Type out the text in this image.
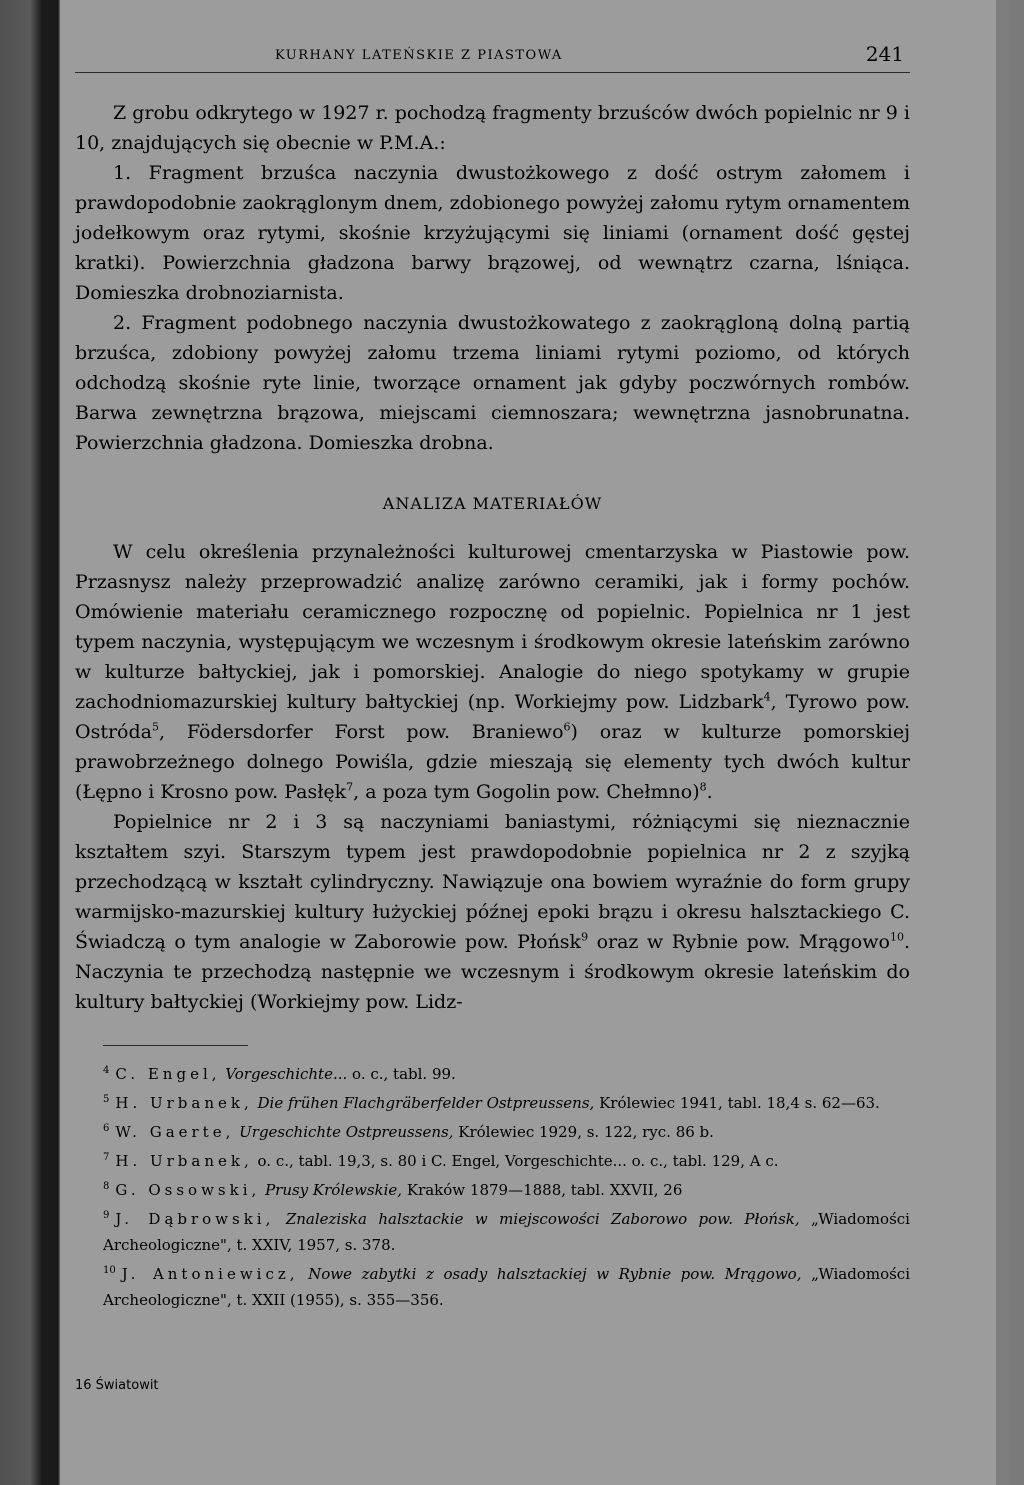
KURHANY LATEŃSKIE Z PIASTOWA	241

Z grobu odkrytego w 1927 r. pochodzą fragmenty brzuśców dwóch popielnic nr 9 i 10, znajdujących się obecnie w P.M.A.:

1. Fragment brzuśca naczynia dwustożkowego z dość ostrym załomem i prawdopodobnie zaokrąglonym dnem, zdobionego powyżej załomu rytym ornamentem jodełkowym oraz rytymi, skośnie krzyżującymi się liniami (ornament dość gęstej kratki). Powierzchnia gładzona barwy brązowej, od wewnątrz czarna, lśniąca. Domieszka drobnoziarnista.

2. Fragment podobnego naczynia dwustożkowatego z zaokrągloną dolną partią brzuśca, zdobiony powyżej załomu trzema liniami rytymi poziomo, od których odchodzą skośnie ryte linie, tworzące ornament jak gdyby poczwórnych rombów. Barwa zewnętrzna brązowa, miejscami ciemnoszara; wewnętrzna jasnobrunatna. Powierzchnia gładzona. Domieszka drobna.

ANALIZA MATERIAŁÓW

W celu określenia przynależności kulturowej cmentarzyska w Piastowie pow. Przasnysz należy przeprowadzić analizę zarówno ceramiki, jak i formy pochów. Omówienie materiału ceramicznego rozpocznę od popielnic. Popielnica nr 1 jest typem naczynia, występującym we wczesnym i środkowym okresie lateńskim zarówno w kulturze bałtyckiej, jak i pomorskiej. Analogie do niego spotykamy w grupie zachodniomazurskiej kultury bałtyckiej (np. Workiejmy pow. Lidzbark$^4$, Tyrowo pow. Ostróda$^5$, Födersdorfer Forst pow. Braniewo$^6$) oraz w kulturze pomorskiej prawobrzeżnego dolnego Powiśla, gdzie mieszają się elementy tych dwóch kultur (Łępno i Krosno pow. Pasłęk$^7$, a poza tym Gogolin pow. Chełmno)$^8$.

Popielnice nr 2 i 3 są naczyniami baniastymi, różniącymi się nieznacznie kształtem szyi. Starszym typem jest prawdopodobnie popielnica nr 2 z szyjką przechodzącą w kształt cylindryczny. Nawiązuje ona bowiem wyraźnie do form grupy warmijsko-mazurskiej kultury łużyckiej późnej epoki brązu i okresu halsztackiego C. Świadczą o tym analogie w Zaborowie pow. Płońsk$^9$ oraz w Rybnie pow. Mrągowo$^{10}$. Naczynia te przechodzą następnie we wczesnym i środkowym okresie lateńskim do kultury bałtyckiej (Workiejmy pow. Lidz-

$^4$ C. Engel, Vorgeschichte... o. c., tabl. 99.

$^5$ H. Urbanek, Die frühen Flachgräberfelder Ostpreussens, Królewiec 1941, tabl. 18,4 s. 62—63.

$^6$ W. Gaerte, Urgeschichte Ostpreussens, Królewiec 1929, s. 122, ryc. 86 b.

$^7$ H. Urbanek, o. c., tabl. 19,3, s. 80 i C. Engel, Vorgeschichte... o. c., tabl. 129, A c.

$^8$ G. Ossowski, Prusy Królewskie, Kraków 1879—1888, tabl. XXVII, 26

$^9$ J. Dąbrowski, Znaleziska halsztackie w miejscowości Zaborowo pow. Płońsk, „Wiadomości Archeologiczne", t. XXIV, 1957, s. 378.

$^{10}$ J. Antoniewicz, Nowe zabytki z osady halsztackiej w Rybnie pow. Mrągowo, „Wiadomości Archeologiczne", t. XXII (1955), s. 355—356.

16 Światowit
